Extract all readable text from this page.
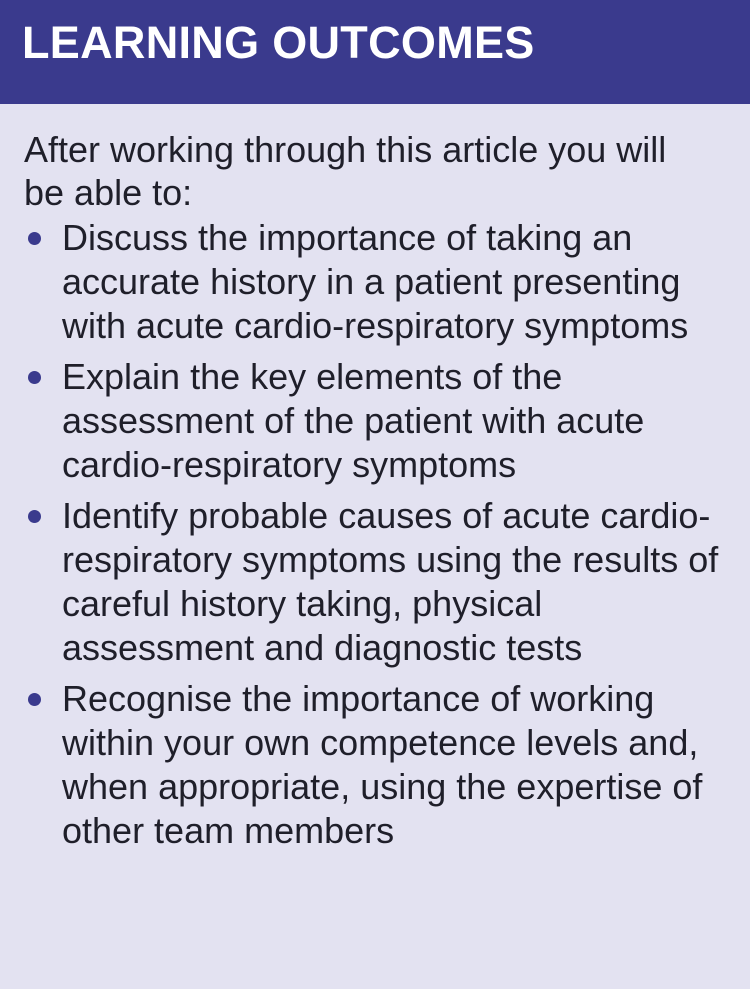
LEARNING OUTCOMES

After working through this article you will be able to:

Discuss the importance of taking an accurate history in a patient presenting with acute cardio-respiratory symptoms
Explain the key elements of the assessment of the patient with acute cardio-respiratory symptoms
Identify probable causes of acute cardio-respiratory symptoms using the results of careful history taking, physical assessment and diagnostic tests
Recognise the importance of working within your own competence levels and, when appropriate, using the expertise of other team members
